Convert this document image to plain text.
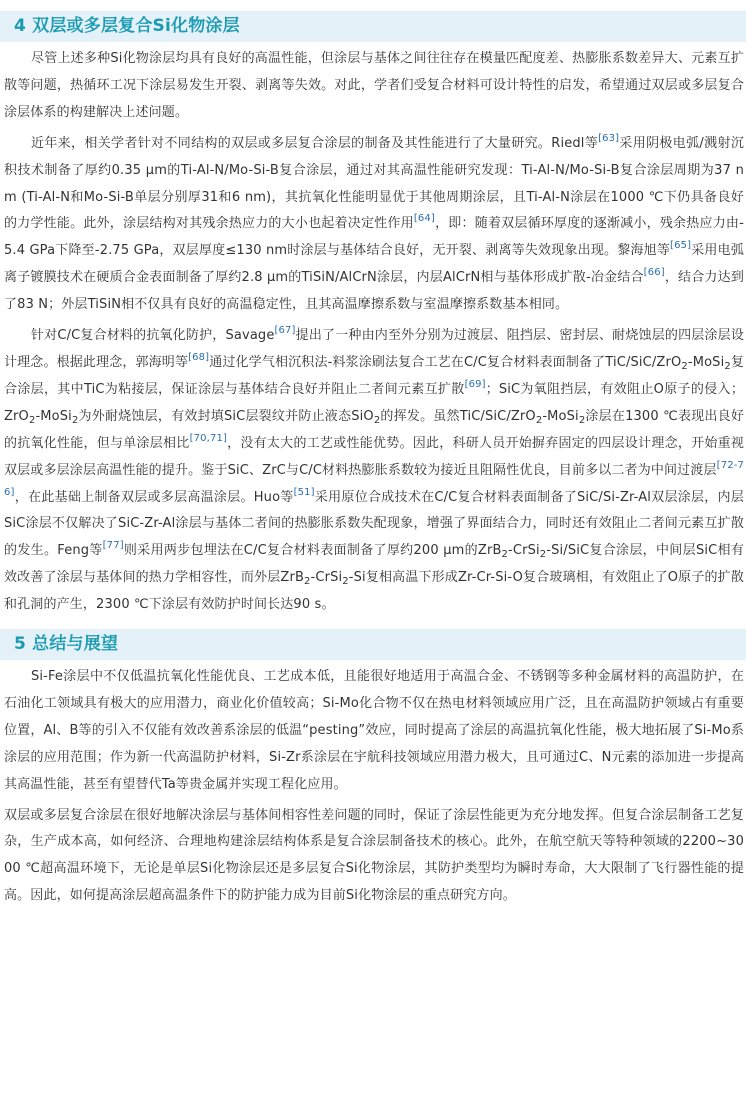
4 双层或多层复合Si化物涂层

尽管上述多种Si化物涂层均具有良好的高温性能，但涂层与基体之间往往存在模量匹配度差、热膨胀系数差异大、元素互扩散等问题，热循环工况下涂层易发生开裂、剥离等失效。对此，学者们受复合材料可设计特性的启发，希望通过双层或多层复合涂层体系的构建解决上述问题。

近年来，相关学者针对不同结构的双层或多层复合涂层的制备及其性能进行了大量研究。Riedl等[63]采用阴极电弧/溅射沉积技术制备了厚约0.35 μm的Ti-Al-N/Mo-Si-B复合涂层，通过对其高温性能研究发现：Ti-Al-N/Mo-Si-B复合涂层周期为37 nm (Ti-Al-N和Mo-Si-B单层分别厚31和6 nm)，其抗氧化性能明显优于其他周期涂层，且Ti-Al-N涂层在1000 ℃下仍具备良好的力学性能。此外，涂层结构对其残余热应力的大小也起着决定性作用[64]，即：随着双层循环厚度的逐渐减小，残余热应力由-5.4 GPa下降至-2.75 GPa，双层厚度≤130 nm时涂层与基体结合良好，无开裂、剥离等失效现象出现。黎海旭等[65]采用电弧离子镀膜技术在硬质合金表面制备了厚约2.8 μm的TiSiN/AlCrN涂层，内层AlCrN相与基体形成扩散-冶金结合[66]，结合力达到了83 N；外层TiSiN相不仅具有良好的高温稳定性，且其高温摩擦系数与室温摩擦系数基本相同。

针对C/C复合材料的抗氧化防护，Savage[67]提出了一种由内至外分别为过渡层、阻挡层、密封层、耐烧蚀层的四层涂层设计理念。根据此理念，郭海明等[68]通过化学气相沉积法-料浆涂刷法复合工艺在C/C复合材料表面制备了TiC/SiC/ZrO$_2$-MoSi$_2$复合涂层，其中TiC为粘接层，保证涂层与基体结合良好并阻止二者间元素互扩散[69]；SiC为氧阻挡层，有效阻止O原子的侵入；ZrO$_2$-MoSi$_2$为外耐烧蚀层，有效封填SiC层裂纹并防止液态SiO$_2$的挥发。虽然TiC/SiC/ZrO$_2$-MoSi$_2$涂层在1300 ℃表现出良好的抗氧化性能，但与单涂层相比[70,71]，没有太大的工艺或性能优势。因此，科研人员开始摒弃固定的四层设计理念，开始重视双层或多层涂层高温性能的提升。鉴于SiC、ZrC与C/C材料热膨胀系数较为接近且阻隔性优良，目前多以二者为中间过渡层[72-76]，在此基础上制备双层或多层高温涂层。Huo等[51]采用原位合成技术在C/C复合材料表面制备了SiC/Si-Zr-Al双层涂层，内层SiC涂层不仅解决了SiC-Zr-Al涂层与基体二者间的热膨胀系数失配现象，增强了界面结合力，同时还有效阻止二者间元素互扩散的发生。Feng等[77]则采用两步包埋法在C/C复合材料表面制备了厚约200 μm的ZrB$_2$-CrSi$_2$-Si/SiC复合涂层，中间层SiC相有效改善了涂层与基体间的热力学相容性，而外层ZrB$_2$-CrSi$_2$-Si复相高温下形成Zr-Cr-Si-O复合玻璃相，有效阻止了O原子的扩散和孔洞的产生，2300 ℃下涂层有效防护时间长达90 s。

5 总结与展望

Si-Fe涂层中不仅低温抗氧化性能优良、工艺成本低，且能很好地适用于高温合金、不锈钢等多种金属材料的高温防护，在石油化工领域具有极大的应用潜力，商业化价值较高；Si-Mo化合物不仅在热电材料领域应用广泛，且在高温防护领域占有重要位置，Al、B等的引入不仅能有效改善系涂层的低温“pesting”效应，同时提高了涂层的高温抗氧化性能，极大地拓展了Si-Mo系涂层的应用范围；作为新一代高温防护材料，Si-Zr系涂层在宇航科技领域应用潜力极大，且可通过C、N元素的添加进一步提高其高温性能，甚至有望替代Ta等贵金属并实现工程化应用。

双层或多层复合涂层在很好地解决涂层与基体间相容性差问题的同时，保证了涂层性能更为充分地发挥。但复合涂层制备工艺复杂，生产成本高，如何经济、合理地构建涂层结构体系是复合涂层制备技术的核心。此外，在航空航天等特种领域的2200~3000 ℃超高温环境下，无论是单层Si化物涂层还是多层复合Si化物涂层，其防护类型均为瞬时寿命，大大限制了飞行器性能的提高。因此，如何提高涂层超高温条件下的防护能力成为目前Si化物涂层的重点研究方向。
